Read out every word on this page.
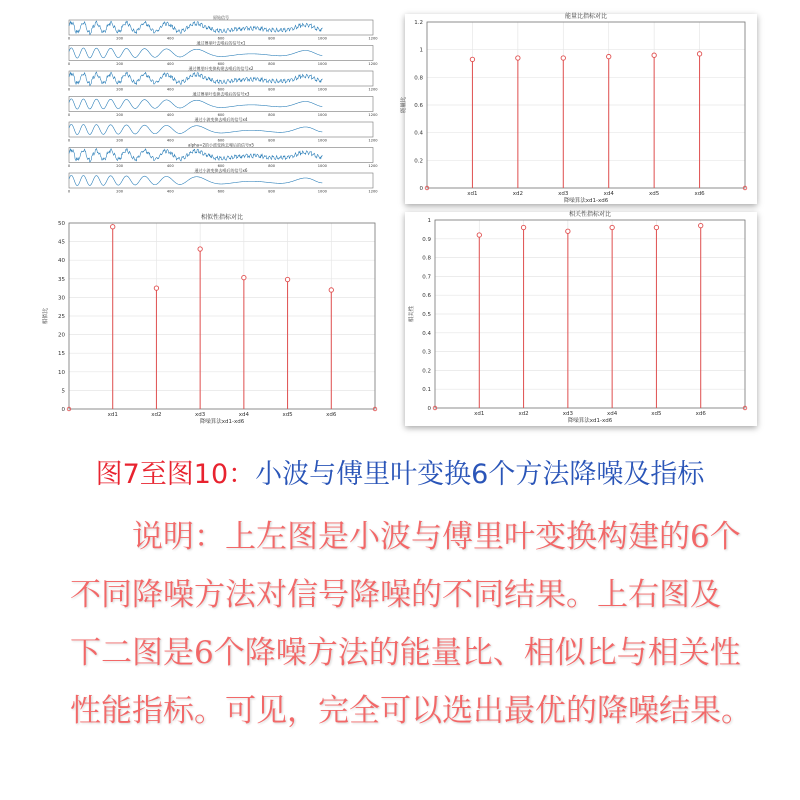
原始信号
0	200	400	600	800	1000	1200
通过傅里叶去噪后的信号x1
0	200	400	600	800	1000	1200
通过傅里叶变换构建去噪后的信号x2
0	200	400	600	800	1000	1200
通过傅里叶变换去噪后的信号x3
0	200	400	600	800	1000	1200
通过小波变换去噪后的信号x4
0	200	400	600	800	1000	1200
alpha=2的小波变换去噪后的信号x5
0	200	400	600	800	1000	1200
通过小波变换去噪后的信号x6
0	200	400	600	800	1000	1200	0
0.2
0.4
0.6
0.8
1
1.2
xd1	xd2	xd3	xd4	xd5	xd6
能量比指标对比
降噪算法xd1-xd6
能量比
0
5
10
15
20
25
30
35
40
45
50
xd1	xd2	xd3	xd4	xd5	xd6
相似性指标对比
降噪算法xd1-xd6
相似比
0
0.1
0.2
0.3
0.4
0.5
0.6
0.7
0.8
0.9
1
xd1	xd2	xd3	xd4	xd5	xd6
相关性指标对比
降噪算法xd1-xd6
相关性
图7至图10：小波与傅里叶变换6个方法降噪及指标

　　说明：上左图是小波与傅里叶变换构建的6个

不同降噪方法对信号降噪的不同结果。上右图及

下二图是6个降噪方法的能量比、相似比与相关性

性能指标。可见，完全可以选出最优的降噪结果。
